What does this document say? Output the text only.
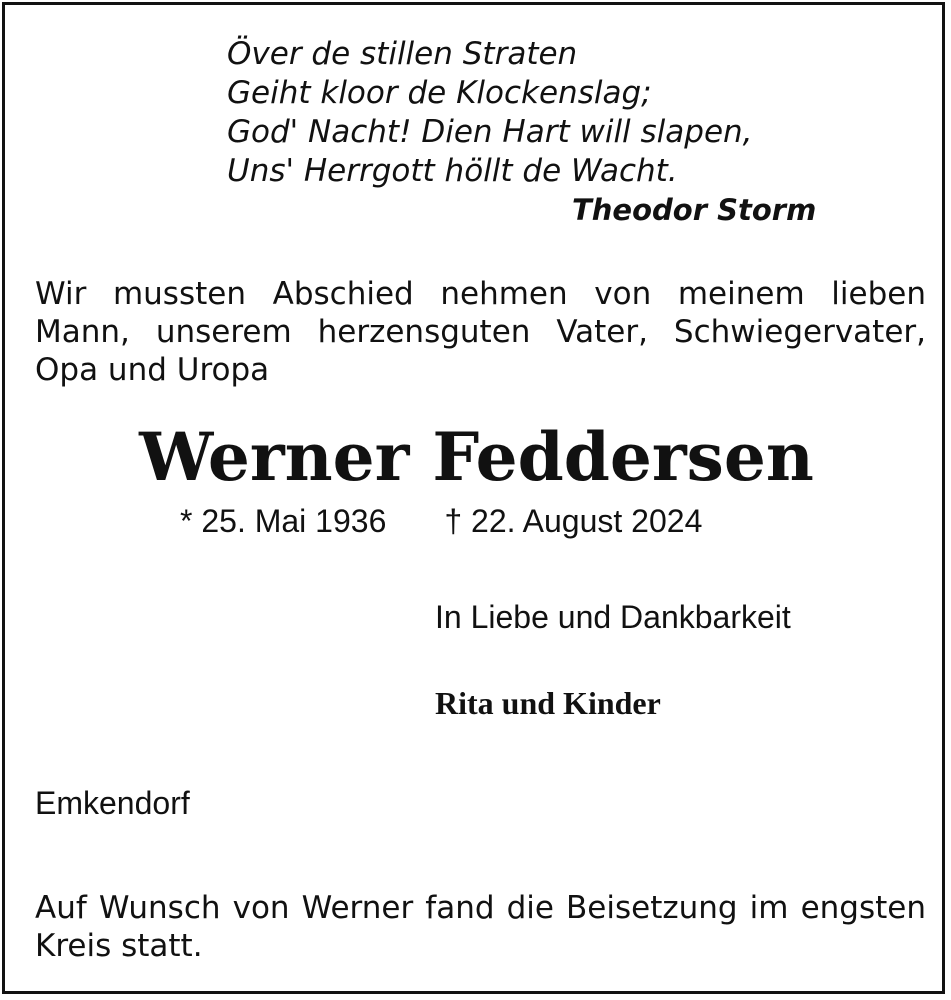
Över de stillen Straten
Geiht kloor de Klockenslag;
God' Nacht! Dien Hart will slapen,
Uns' Herrgott höllt de Wacht.
Theodor Storm
Wir mussten Abschied nehmen von meinem lieben Mann, unserem herzensguten Vater, Schwiegervater, Opa und Uropa
Werner Feddersen
* 25. Mai 1936 † 22. August 2024
In Liebe und Dankbarkeit
Rita und Kinder
Emkendorf
Auf Wunsch von Werner fand die Beisetzung im engsten Kreis statt.
